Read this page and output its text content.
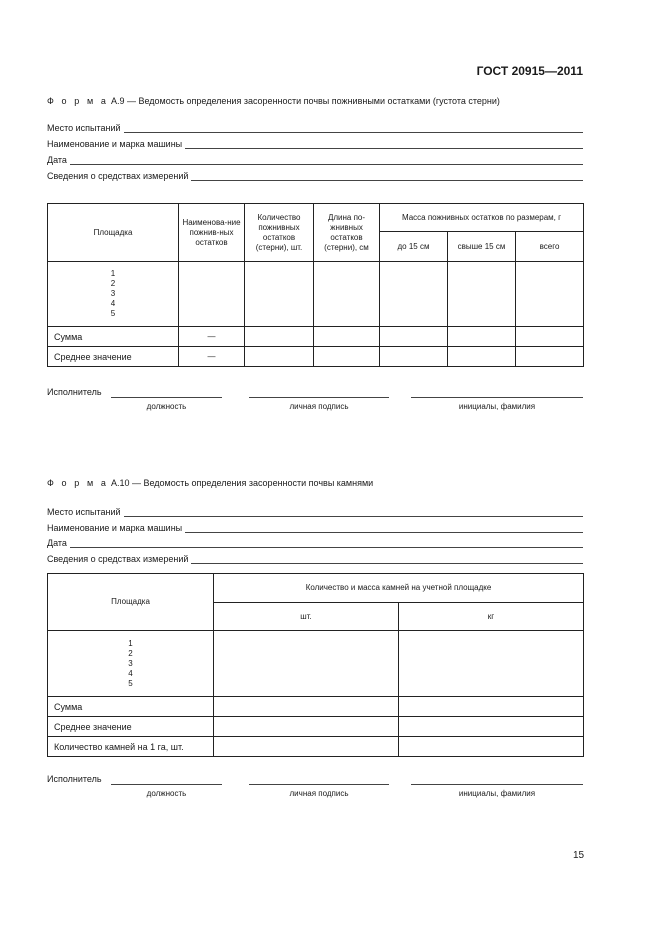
ГОСТ 20915—2011
Ф о р м а А.9 — Ведомость определения засоренности почвы пожнивными остатками (густота стерни)
Место испытаний
Наименование и марка машины
Дата
Сведения о средствах измерений
Площадка	Наименова-ние пожнив-ных остатков	Количество пожнивных остатков (стерни), шт.	Длина по-жнивных остатков (стерни), см	Масса пожнивных остатков по размерам, г		
				до 15 см	свыше 15 см	всего

1
2
3
4
5						

Сумма	—					
Среднее значение	—					
Исполнитель
должность	личная подпись	инициалы, фамилия
Ф о р м а А.10 — Ведомость определения засоренности почвы камнями
Место испытаний
Наименование и марка машины
Дата
Сведения о средствах измерений
Площадка	Количество и масса камней на учетной площадке	
	шт.	кг

1
2
3
4
5		

Сумма		
Среднее значение		
Количество камней на 1 га, шт.		
Исполнитель
должность	личная подпись	инициалы, фамилия
15
